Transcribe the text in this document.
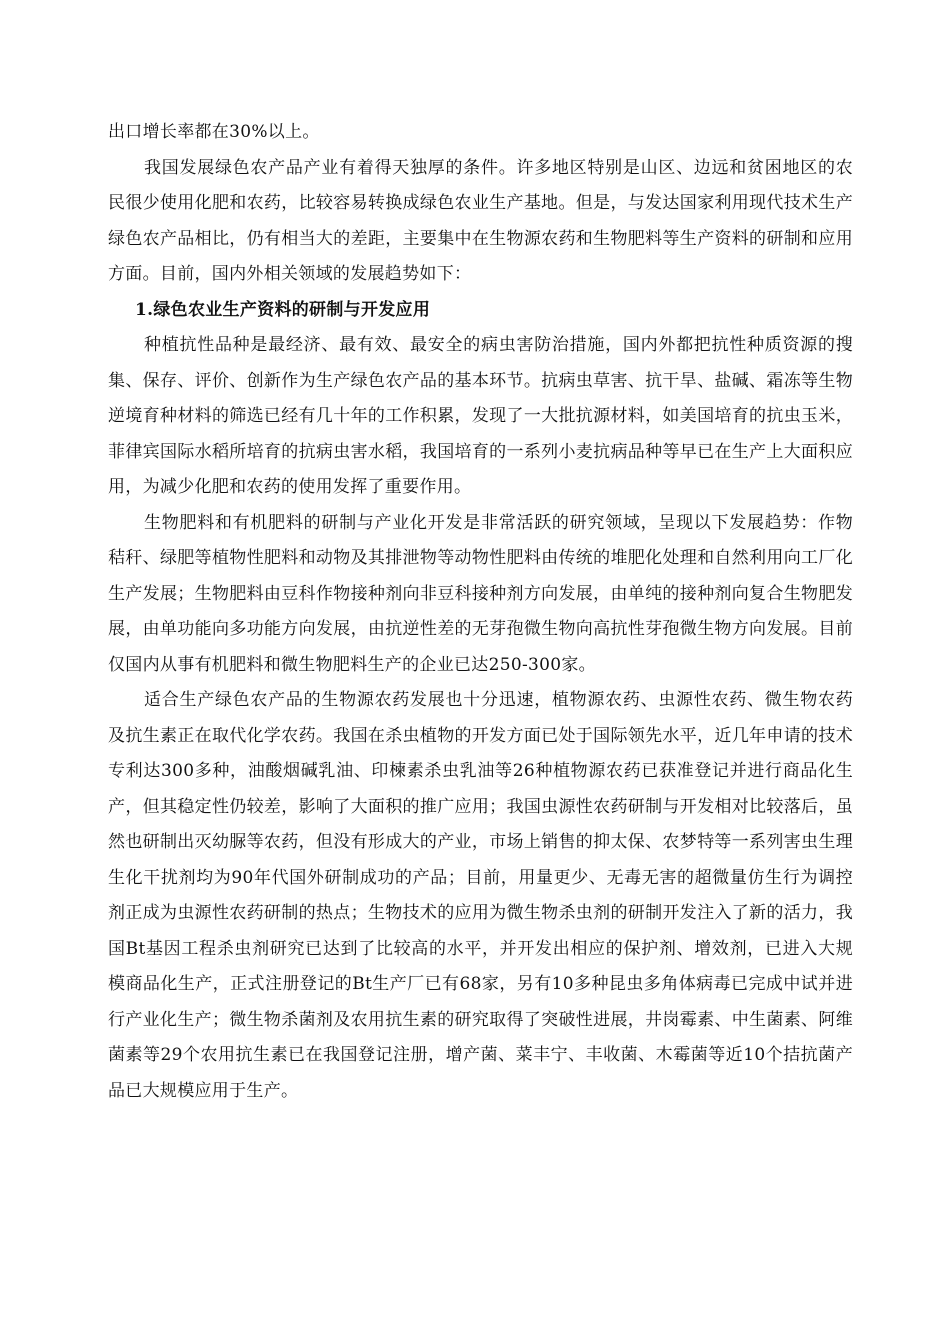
出口增长率都在30%以上。

我国发展绿色农产品产业有着得天独厚的条件。许多地区特别是山区、边远和贫困地区的农民很少使用化肥和农药，比较容易转换成绿色农业生产基地。但是，与发达国家利用现代技术生产绿色农产品相比，仍有相当大的差距，主要集中在生物源农药和生物肥料等生产资料的研制和应用方面。目前，国内外相关领域的发展趋势如下：

1.绿色农业生产资料的研制与开发应用

种植抗性品种是最经济、最有效、最安全的病虫害防治措施，国内外都把抗性种质资源的搜集、保存、评价、创新作为生产绿色农产品的基本环节。抗病虫草害、抗干旱、盐碱、霜冻等生物逆境育种材料的筛选已经有几十年的工作积累，发现了一大批抗源材料，如美国培育的抗虫玉米，菲律宾国际水稻所培育的抗病虫害水稻，我国培育的一系列小麦抗病品种等早已在生产上大面积应用，为减少化肥和农药的使用发挥了重要作用。

生物肥料和有机肥料的研制与产业化开发是非常活跃的研究领域，呈现以下发展趋势：作物秸秆、绿肥等植物性肥料和动物及其排泄物等动物性肥料由传统的堆肥化处理和自然利用向工厂化生产发展；生物肥料由豆科作物接种剂向非豆科接种剂方向发展，由单纯的接种剂向复合生物肥发展，由单功能向多功能方向发展，由抗逆性差的无芽孢微生物向高抗性芽孢微生物方向发展。目前仅国内从事有机肥料和微生物肥料生产的企业已达250-300家。

适合生产绿色农产品的生物源农药发展也十分迅速，植物源农药、虫源性农药、微生物农药及抗生素正在取代化学农药。我国在杀虫植物的开发方面已处于国际领先水平，近几年申请的技术专利达300多种，油酸烟碱乳油、印楝素杀虫乳油等26种植物源农药已获准登记并进行商品化生产，但其稳定性仍较差，影响了大面积的推广应用；我国虫源性农药研制与开发相对比较落后，虽然也研制出灭幼脲等农药，但没有形成大的产业，市场上销售的抑太保、农梦特等一系列害虫生理生化干扰剂均为90年代国外研制成功的产品；目前，用量更少、无毒无害的超微量仿生行为调控剂正成为虫源性农药研制的热点；生物技术的应用为微生物杀虫剂的研制开发注入了新的活力，我国Bt基因工程杀虫剂研究已达到了比较高的水平，并开发出相应的保护剂、增效剂，已进入大规模商品化生产，正式注册登记的Bt生产厂已有68家，另有10多种昆虫多角体病毒已完成中试并进行产业化生产；微生物杀菌剂及农用抗生素的研究取得了突破性进展，井岗霉素、中生菌素、阿维菌素等29个农用抗生素已在我国登记注册，增产菌、菜丰宁、丰收菌、木霉菌等近10个拮抗菌产品已大规模应用于生产。
